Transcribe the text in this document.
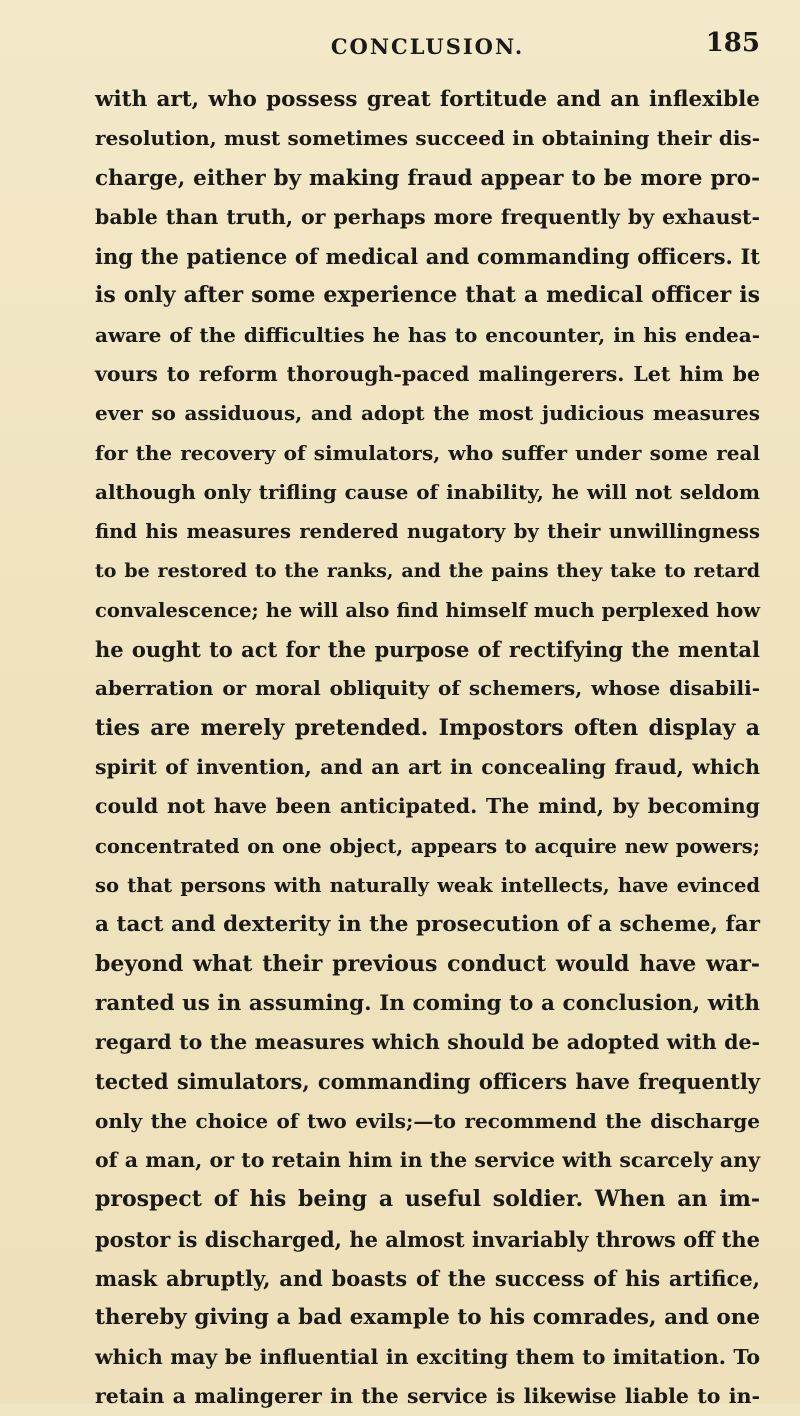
CONCLUSION.	185
with art, who possess great fortitude and an inflexible
resolution, must sometimes succeed in obtaining their dis-
charge, either by making fraud appear to be more pro-
bable than truth, or perhaps more frequently by exhaust-
ing the patience of medical and commanding officers. It
is only after some experience that a medical officer is
aware of the difficulties he has to encounter, in his endea-
vours to reform thorough-paced malingerers. Let him be
ever so assiduous, and adopt the most judicious measures
for the recovery of simulators, who suffer under some real
although only trifling cause of inability, he will not seldom
find his measures rendered nugatory by their unwillingness
to be restored to the ranks, and the pains they take to retard
convalescence; he will also find himself much perplexed how
he ought to act for the purpose of rectifying the mental
aberration or moral obliquity of schemers, whose disabili-
ties are merely pretended. Impostors often display a
spirit of invention, and an art in concealing fraud, which
could not have been anticipated. The mind, by becoming
concentrated on one object, appears to acquire new powers;
so that persons with naturally weak intellects, have evinced
a tact and dexterity in the prosecution of a scheme, far
beyond what their previous conduct would have war-
ranted us in assuming. In coming to a conclusion, with
regard to the measures which should be adopted with de-
tected simulators, commanding officers have frequently
only the choice of two evils;—to recommend the discharge
of a man, or to retain him in the service with scarcely any
prospect of his being a useful soldier. When an im-
postor is discharged, he almost invariably throws off the
mask abruptly, and boasts of the success of his artifice,
thereby giving a bad example to his comrades, and one
which may be influential in exciting them to imitation. To
retain a malingerer in the service is likewise liable to in-
